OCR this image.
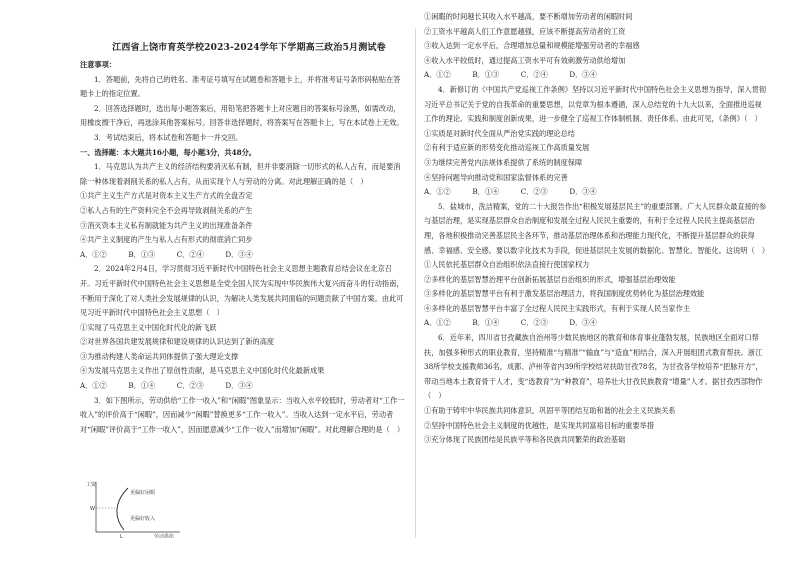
江西省上饶市育英学校2023-2024学年下学期高三政治5月测试卷

注意事项：

1．答题前，先将自己的姓名、准考证号填写在试题卷和答题卡上，并将准考证号条形码粘贴在答题卡上的指定位置。

2．回答选择题时，选出每小题答案后，用铅笔把答题卡上对应题目的答案标号涂黑，如需改动，用橡皮擦干净后，再选涂其他答案标号。回答非选择题时，将答案写在答题卡上，写在本试卷上无效。

3．考试结束后，将本试卷和答题卡一并交回。

一、选择题：本大题共16小题，每小题3分，共48分。

1．马克思认为共产主义的经济结构要消灭私有制，但并非要消除一切形式的私人占有，而是要消除一种体现着剥削关系的私人占有，从而实现个人与劳动的分离。对此理解正确的是（　）

①共产主义生产方式是对资本主义生产方式的全盘否定

②私人占有的生产资料完全不会再导致剥削关系的产生

③消灭资本主义私有制就能为共产主义的出现准备条件

④共产主义制度的产生与私人占有形式的彻底消亡同步

A．①②　　　B．①③　　　C．②④　　　D．③④

2．2024年2月4日，学习贯彻习近平新时代中国特色社会主义思想主题教育总结会议在北京召开。习近平新时代中国特色社会主义思想是全党全国人民为实现中华民族伟大复兴而奋斗的行动指南，不断用于深化了对人类社会发展规律的认识，为解决人类发展共同面临的问题贡献了中国方案。由此可见习近平新时代中国特色社会主义思想（　）

①实现了马克思主义中国化时代化的新飞跃

②对世界各国共建发展规律和建设规律的认识达到了新的高度

③为推动构建人类命运共同体提供了强大理论支撑

④为发展马克思主义作出了原创性贡献，是马克思主义中国化时代化最新成果

A．①②　　　B．①④　　　C．②③　　　D．③④

3．如下图所示，劳动供给“工作一收入”和“闲暇”图象显示：当收入水平较低时，劳动者对“工作一收入”的评价高于“闲暇”，因而减少“闲暇”替换更多“工作一收入”。当收入达到一定水平后，劳动者对“闲暇”评价高于“工作一收入”，因而愿意减少“工作一收入”而增加“闲暇”。对此理解合理的是（　）

工资
劳动供给
更偏好闲暇
更偏好收入
W
L

①闲暇的时间越长其收入水平越高，要不断增加劳动者的闲暇时间

②工资水平越高人们工作意愿越强，应该不断提高劳动者的工资

③收入达到一定水平后，合理增加总量和规模能增强劳动者的幸福感

④收入水平较低时，通过提高工资水平可有效刺激劳动供给增加

A．①②　　　B．①③　　　C．②④　　　D．③④

4．新修订的《中国共产党巡视工作条例》坚持以习近平新时代中国特色社会主义思想为指导，深入贯彻习近平总书记关于党的自我革命的重要思想，以党章为根本遵循，深入总结党的十九大以来，全面推进巡视工作的理论、实践和制度创新成果，进一步健全了巡视工作体制机制、责任体系。由此可见，《条例》（　）

①实质是对新时代全面从严治党实践的理论总结

②有利于适应新的形势变化推动巡视工作高质量发展

③为继续完善党内法规体系提供了系统的制度保障

④坚持问题导向推动党和国家监督体系的完善

A．①②　　　B．①④　　　C．②③　　　D．③④

5．盐城市，洗洁精案，党的二十大报告作出“积极发展基层民主”的重要部署。广大人民群众最直接的参与基层治理，是实现基层群众自治制度和发展全过程人民民主重要的，有利于全过程人民民主提高基层治理，各地积极推动完善基层民主各环节，推动基层治理体系和治理能力现代化，不断提升基层群众的获得感、幸福感、安全感。要以数字化技术为手段，促进基层民主发展的数据化、智慧化、智能化。这说明（　）

①人民依托基层群众自治组织依法直接行使国家权力

②多样化的基层智慧治理平台创新拓展基层自治组织的形式，增强基层治理效能

③多样化的基层智慧平台有利于激发基层治理活力，将我国制度优势转化为基层治理效能

④多样化的基层智慧平台丰富了全过程人民民主实践形式，有利于实现人民当家作主

A．①②　　　B．①④　　　C．②③　　　D．③④

6．近年来，四川省甘孜藏族自治州等少数民族地区的教育和体育事业蓬勃发展，民族地区全面对口帮扶，加强多种形式的职业教育，坚持精准“与精准”“输血”与“造血”相结合，深入开展组团式教育帮扶。浙江38所学校支援教师36名，成都、泸州等省内39所学校结对扶助甘孜78名，为甘孜各学校培养“把脉开方”，带动当地本土教育骨干人才，变“选教育”为“种教育”，培养壮大甘孜民族教育“增量”人才。据甘孜西部物作（　）

①有助于铸牢中华民族共同体意识，巩固平等团结互助和谐的社会主义民族关系

②坚持中国特色社会主义制度的优越性，是实现共同富裕目标的重要举措

③充分体现了民族团结是民族平等和各民族共同繁荣的政治基础
